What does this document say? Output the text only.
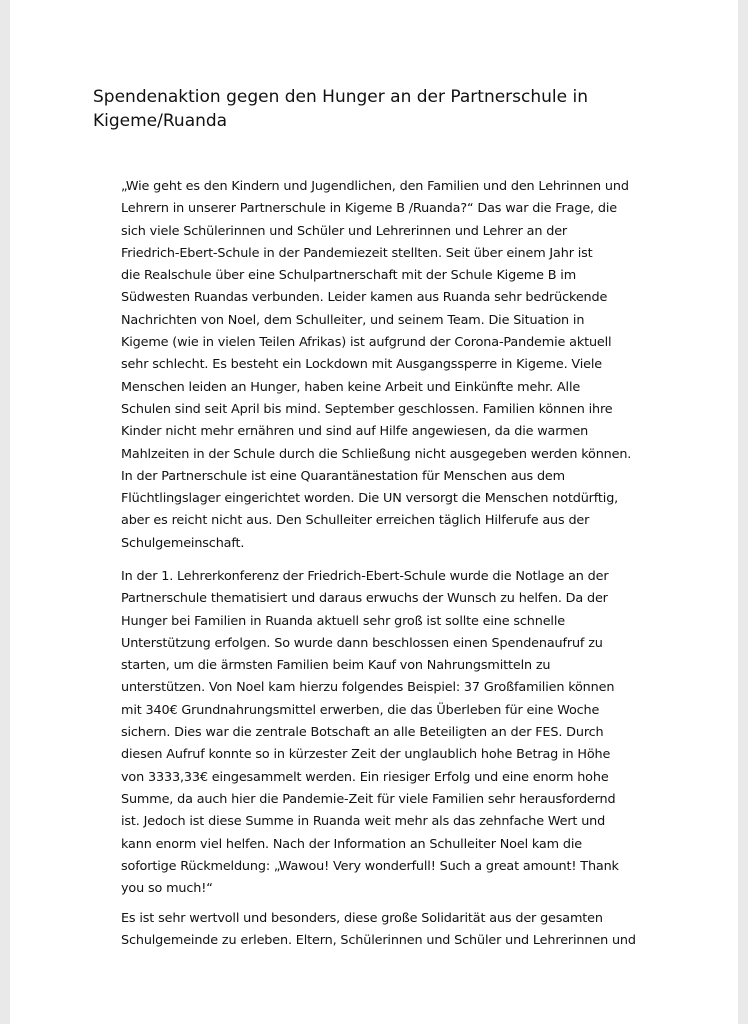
Spendenaktion gegen den Hunger an der Partnerschule in
Kigeme/Ruanda

„Wie geht es den Kindern und Jugendlichen, den Familien und den Lehrinnen und
Lehrern in unserer Partnerschule in Kigeme B /Ruanda?“ Das war die Frage, die
sich viele Schülerinnen und Schüler und Lehrerinnen und Lehrer an der
Friedrich-Ebert-Schule in der Pandemiezeit stellten. Seit über einem Jahr ist
die Realschule über eine Schulpartnerschaft mit der Schule Kigeme B im
Südwesten Ruandas verbunden. Leider kamen aus Ruanda sehr bedrückende
Nachrichten von Noel, dem Schulleiter, und seinem Team. Die Situation in
Kigeme (wie in vielen Teilen Afrikas) ist aufgrund der Corona-Pandemie aktuell
sehr schlecht. Es besteht ein Lockdown mit Ausgangssperre in Kigeme. Viele
Menschen leiden an Hunger, haben keine Arbeit und Einkünfte mehr. Alle
Schulen sind seit April bis mind. September geschlossen. Familien können ihre
Kinder nicht mehr ernähren und sind auf Hilfe angewiesen, da die warmen
Mahlzeiten in der Schule durch die Schließung nicht ausgegeben werden können.
In der Partnerschule ist eine Quarantänestation für Menschen aus dem
Flüchtlingslager eingerichtet worden. Die UN versorgt die Menschen notdürftig,
aber es reicht nicht aus. Den Schulleiter erreichen täglich Hilferufe aus der
Schulgemeinschaft.

In der 1. Lehrerkonferenz der Friedrich-Ebert-Schule wurde die Notlage an der
Partnerschule thematisiert und daraus erwuchs der Wunsch zu helfen. Da der
Hunger bei Familien in Ruanda aktuell sehr groß ist sollte eine schnelle
Unterstützung erfolgen. So wurde dann beschlossen einen Spendenaufruf zu
starten, um die ärmsten Familien beim Kauf von Nahrungsmitteln zu
unterstützen. Von Noel kam hierzu folgendes Beispiel: 37 Großfamilien können
mit 340€ Grundnahrungsmittel erwerben, die das Überleben für eine Woche
sichern. Dies war die zentrale Botschaft an alle Beteiligten an der FES. Durch
diesen Aufruf konnte so in kürzester Zeit der unglaublich hohe Betrag in Höhe
von 3333,33€ eingesammelt werden. Ein riesiger Erfolg und eine enorm hohe
Summe, da auch hier die Pandemie-Zeit für viele Familien sehr herausfordernd
ist. Jedoch ist diese Summe in Ruanda weit mehr als das zehnfache Wert und
kann enorm viel helfen. Nach der Information an Schulleiter Noel kam die
sofortige Rückmeldung: „Wawou! Very wonderfull! Such a great amount! Thank
you so much!“

Es ist sehr wertvoll und besonders, diese große Solidarität aus der gesamten
Schulgemeinde zu erleben. Eltern, Schülerinnen und Schüler und Lehrerinnen und
